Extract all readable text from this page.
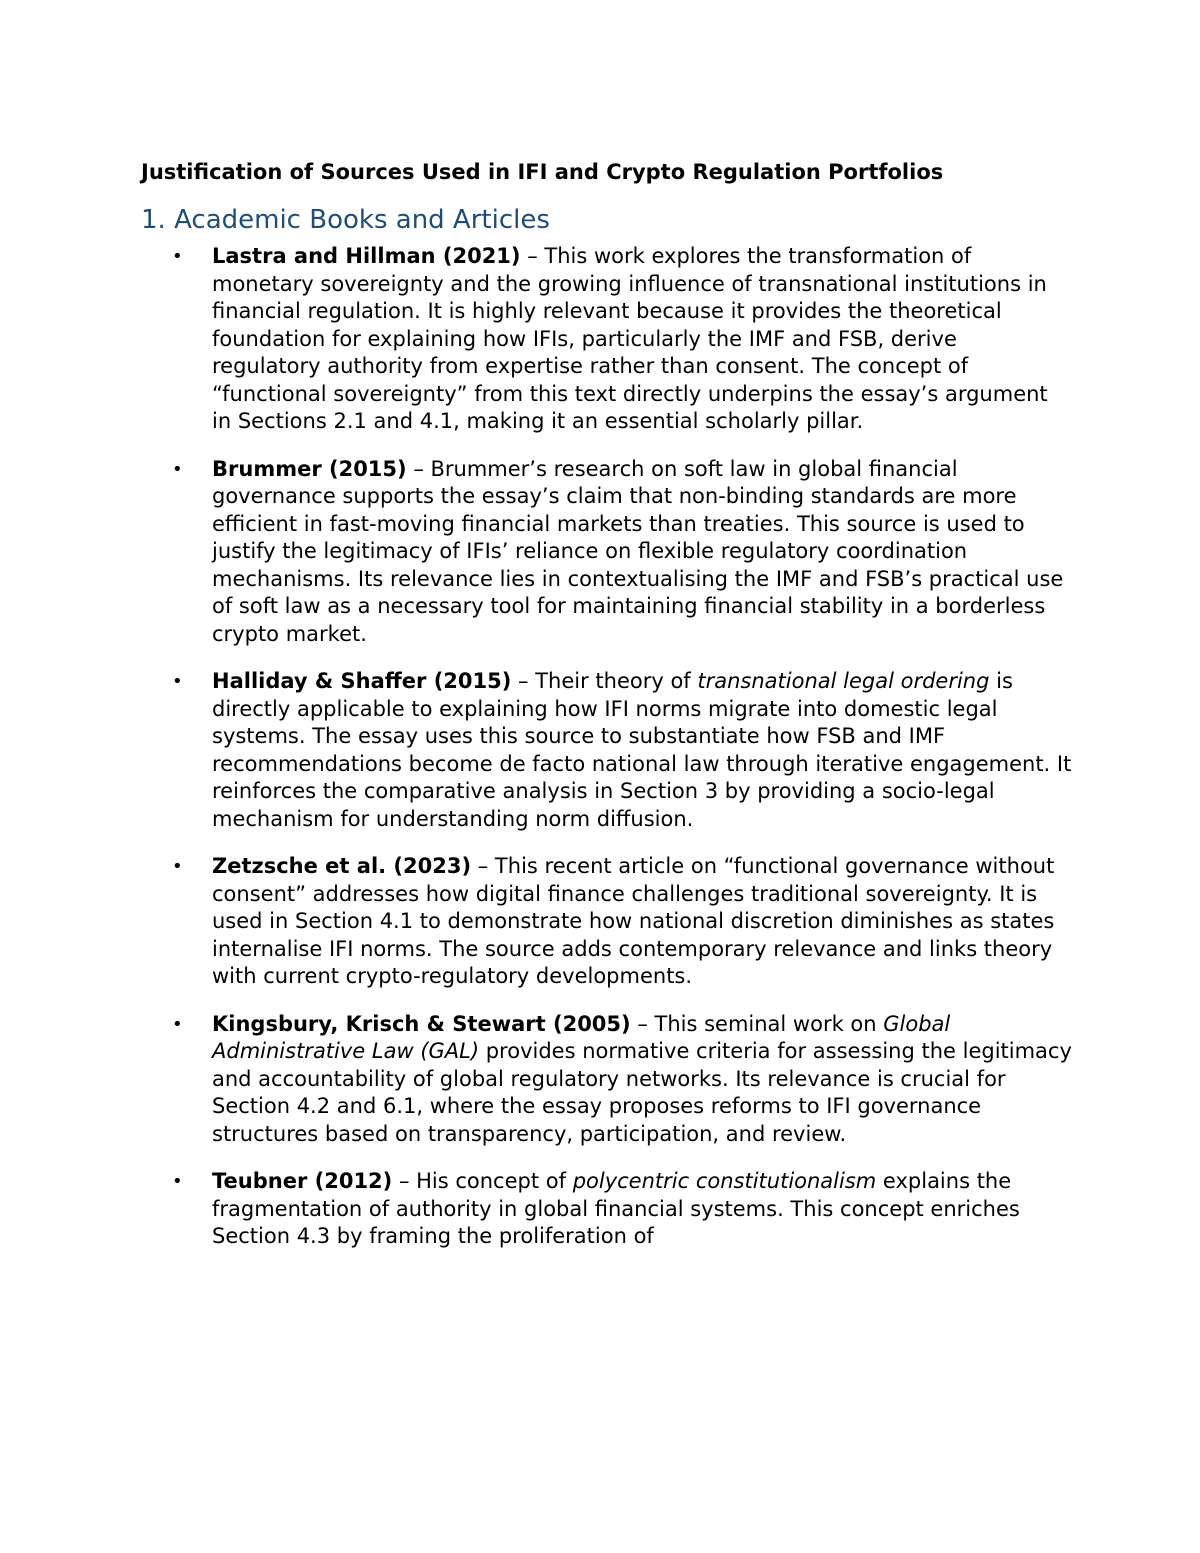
Justification of Sources Used in IFI and Crypto Regulation Portfolios
1. Academic Books and Articles
•	Lastra and Hillman (2021) – This work explores the transformation of monetary sovereignty and the growing influence of transnational institutions in financial regulation. It is highly relevant because it provides the theoretical foundation for explaining how IFIs, particularly the IMF and FSB, derive regulatory authority from expertise rather than consent. The concept of “functional sovereignty” from this text directly underpins the essay’s argument in Sections 2.1 and 4.1, making it an essential scholarly pillar.
•	Brummer (2015) – Brummer’s research on soft law in global financial governance supports the essay’s claim that non-binding standards are more efficient in fast-moving financial markets than treaties. This source is used to justify the legitimacy of IFIs’ reliance on flexible regulatory coordination mechanisms. Its relevance lies in contextualising the IMF and FSB’s practical use of soft law as a necessary tool for maintaining financial stability in a borderless crypto market.
•	Halliday & Shaffer (2015) – Their theory of transnational legal ordering is directly applicable to explaining how IFI norms migrate into domestic legal systems. The essay uses this source to substantiate how FSB and IMF recommendations become de facto national law through iterative engagement. It reinforces the comparative analysis in Section 3 by providing a socio-legal mechanism for understanding norm diffusion.
•	Zetzsche et al. (2023) – This recent article on “functional governance without consent” addresses how digital finance challenges traditional sovereignty. It is used in Section 4.1 to demonstrate how national discretion diminishes as states internalise IFI norms. The source adds contemporary relevance and links theory with current crypto-regulatory developments.
•	Kingsbury, Krisch & Stewart (2005) – This seminal work on Global Administrative Law (GAL) provides normative criteria for assessing the legitimacy and accountability of global regulatory networks. Its relevance is crucial for Section 4.2 and 6.1, where the essay proposes reforms to IFI governance structures based on transparency, participation, and review.
•	Teubner (2012) – His concept of polycentric constitutionalism explains the fragmentation of authority in global financial systems. This concept enriches Section 4.3 by framing the proliferation of
